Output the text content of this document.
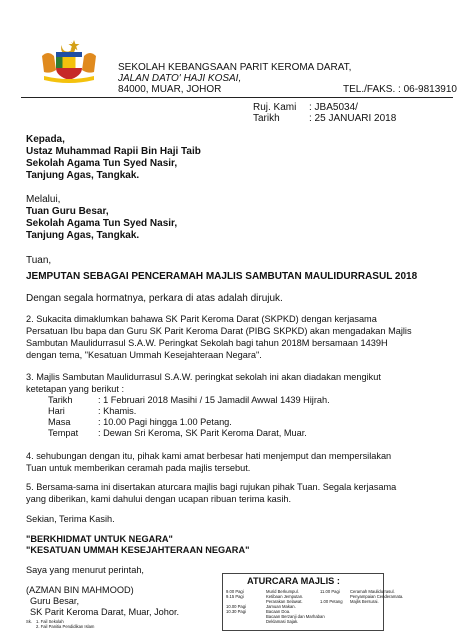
SEKOLAH KEBANGSAAN PARIT KEROMA DARAT,
JALAN DATO' HAJI KOSAI,
84000, MUAR, JOHOR	TEL./FAKS. : 06-9813910
Ruj. Kami : JBA5034/
Tarikh	: 25 JANUARI 2018
Kepada,
Ustaz Muhammad Rapii Bin Haji Taib
Sekolah Agama Tun Syed Nasir,
Tanjung Agas, Tangkak.
Melalui,
Tuan Guru Besar,
Sekolah Agama Tun Syed Nasir,
Tanjung Agas, Tangkak.
Tuan,
JEMPUTAN SEBAGAI PENCERAMAH MAJLIS SAMBUTAN MAULIDURRASUL 2018
Dengan segala hormatnya, perkara di atas adalah dirujuk.
2. Sukacita dimaklumkan bahawa SK Parit Keroma Darat (SKPKD) dengan kerjasama
Persatuan Ibu bapa dan Guru SK Parit Keroma Darat (PIBG SKPKD) akan mengadakan Majlis
Sambutan Maulidurrasul S.A.W. Peringkat Sekolah bagi tahun 2018M bersamaan 1439H
dengan tema, "Kesatuan Ummah Kesejahteraan Negara".
3. Majlis Sambutan Maulidurrasul S.A.W. peringkat sekolah ini akan diadakan mengikut
ketetapan yang berikut :
Tarikh	: 1 Februari 2018 Masihi / 15 Jamadil Awwal 1439 Hijrah.
Hari	: Khamis.
Masa	: 10.00 Pagi hingga 1.00 Petang.
Tempat : Dewan Sri Keroma, SK Parit Keroma Darat, Muar.
4. sehubungan dengan itu, pihak kami amat berbesar hati menjemput dan mempersilakan
Tuan untuk memberikan ceramah pada majlis tersebut.
5. Bersama-sama ini disertakan aturcara majlis bagi rujukan pihak Tuan. Segala kerjasama
yang diberikan, kami dahului dengan ucapan ribuan terima kasih.
Sekian, Terima Kasih.
"BERKHIDMAT UNTUK NEGARA"
"KESATUAN UMMAH KESEJAHTERAAN NEGARA"
Saya yang menurut perintah,
ATURCARA MAJLIS :
9.00 Pagi	Murid Berkumpul.
9.15 Pagi	Ketibaan Jemputan.
Perarakan Selawat.
10.00 Pagi	Jamuan Makan.
10.30 Pagi	Bacaan Doa.
Bacaan Berzanji dan Marhaban
Deklamasi Sajak.
11.00 Pagi Ceramah Maulidurrasul.
Penyampaian Cenderamata.
1.00 Petang Majlis Bersurai.
(AZMAN BIN MAHMOOD)
Guru Besar,
SK Parit Keroma Darat, Muar, Johor.
Sk. 1. Fail Sekolah
2. Fail Panitia Pendidikan Islam
